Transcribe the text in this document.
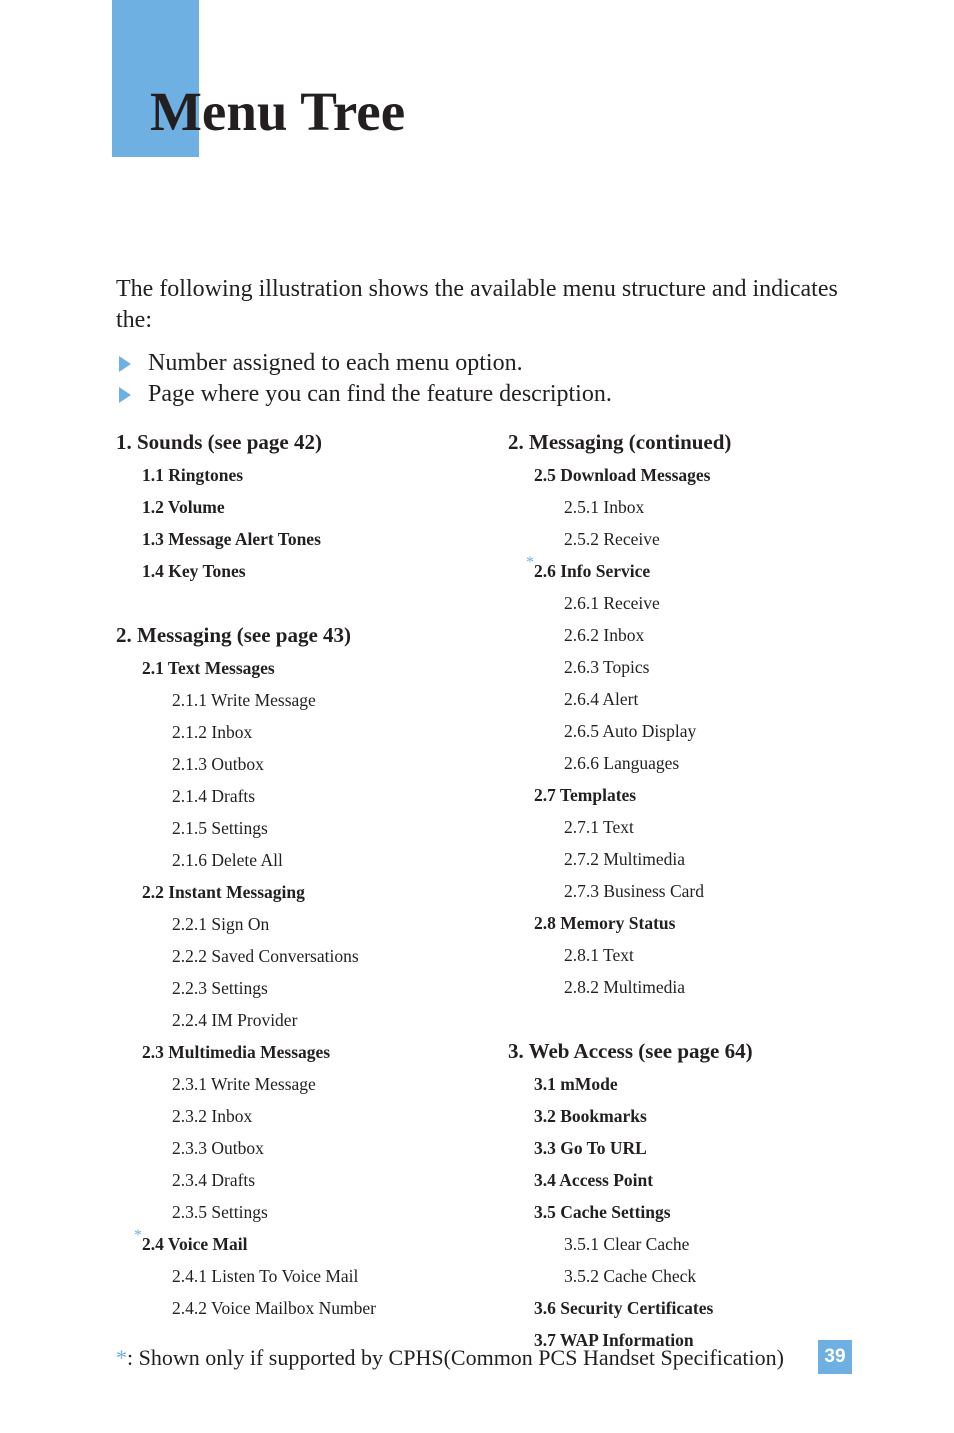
Menu Tree

The following illustration shows the available menu structure and indicates the:

Number assigned to each menu option.
Page where you can find the feature description.
1. Sounds (see page 42)
1.1 Ringtones
1.2 Volume
1.3 Message Alert Tones
1.4 Key Tones
2. Messaging (see page 43)
2.1 Text Messages
2.1.1 Write Message
2.1.2 Inbox
2.1.3 Outbox
2.1.4 Drafts
2.1.5 Settings
2.1.6 Delete All
2.2 Instant Messaging
2.2.1 Sign On
2.2.2 Saved Conversations
2.2.3 Settings
2.2.4 IM Provider
2.3 Multimedia Messages
2.3.1 Write Message
2.3.2 Inbox
2.3.3 Outbox
2.3.4 Drafts
2.3.5 Settings
* 2.4 Voice Mail
2.4.1 Listen To Voice Mail
2.4.2 Voice Mailbox Number
2. Messaging (continued)
2.5 Download Messages
2.5.1 Inbox
2.5.2 Receive
* 2.6 Info Service
2.6.1 Receive
2.6.2 Inbox
2.6.3 Topics
2.6.4 Alert
2.6.5 Auto Display
2.6.6 Languages
2.7 Templates
2.7.1 Text
2.7.2 Multimedia
2.7.3 Business Card
2.8 Memory Status
2.8.1 Text
2.8.2 Multimedia
3. Web Access (see page 64)
3.1 mMode
3.2 Bookmarks
3.3 Go To URL
3.4 Access Point
3.5 Cache Settings
3.5.1 Clear Cache
3.5.2 Cache Check
3.6 Security Certificates
3.7 WAP Information
*: Shown only if supported by CPHS(Common PCS Handset Specification)	39
